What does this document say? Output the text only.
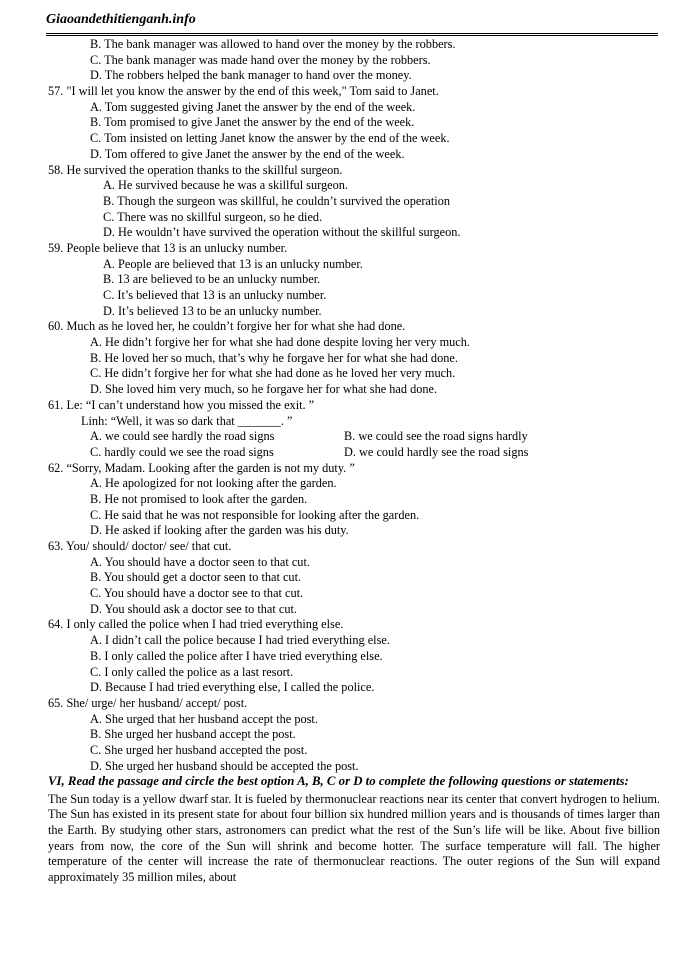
Giaoandethitienganh.info
B. The bank manager was allowed to hand over the money by the robbers.
C. The bank manager was made hand over the money by the robbers.
D. The robbers helped the bank manager to hand over the money.
57. "I will let you know the answer by the end of this week," Tom said to Janet.
A. Tom suggested giving Janet the answer by the end of the week.
B. Tom promised to give Janet the answer by the end of the week.
C. Tom insisted on letting Janet know the answer by the end of the week.
D. Tom offered to give Janet the answer by the end of the week.
58. He survived the operation thanks to the skillful surgeon.
A. He survived because he was a skillful surgeon.
B. Though the surgeon was skillful, he couldn’t survived the operation
C. There was no skillful surgeon, so he died.
D. He wouldn’t have survived the operation without the skillful surgeon.
59. People believe that 13 is an unlucky number.
A. People are believed that 13 is an unlucky number.
B. 13 are believed to be an unlucky number.
C. It’s believed that 13 is an unlucky number.
D. It’s believed 13 to be an unlucky number.
60. Much as he loved her, he couldn’t forgive her for what she had done.
A. He didn’t forgive her for what she had done despite loving her very much.
B. He loved her so much, that’s why he forgave her for what she had done.
C. He didn’t forgive her for what she had done as he loved her very much.
D. She loved him very much, so he forgave her for what she had done.
61. Le: “I can’t understand how you missed the exit. ”
Linh: “Well, it was so dark that _______. ”
A. we could see hardly the road signs	B. we could see the road signs hardly
C. hardly could we see the road signs	D. we could hardly see the road signs
62. “Sorry, Madam. Looking after the garden is not my duty. ”
A. He apologized for not looking after the garden.
B. He not promised to look after the garden.
C. He said that he was not responsible for looking after the garden.
D. He asked if looking after the garden was his duty.
63. You/ should/ doctor/ see/ that cut.
A. You should have a doctor seen to that cut.
B. You should get a doctor seen to that cut.
C. You should have a doctor see to that cut.
D. You should ask a doctor see to that cut.
64. I only called the police when I had tried everything else.
A. I didn’t call the police because I had tried everything else.
B. I only called the police after I have tried everything else.
C. I only called the police as a last resort.
D. Because I had tried everything else, I called the police.
65. She/ urge/ her husband/ accept/ post.
A. She urged that her husband accept the post.
B. She urged her husband accept the post.
C. She urged her husband accepted the post.
D. She urged her husband should be accepted the post.
VI, Read the passage and circle the best option A, B, C or D to complete the following questions or statements:
The Sun today is a yellow dwarf star. It is fueled by thermonuclear reactions near its center that convert hydrogen to helium. The Sun has existed in its present state for about four billion six hundred million years and is thousands of times larger than the Earth. By studying other stars, astronomers can predict what the rest of the Sun’s life will be like. About five billion years from now, the core of the Sun will shrink and become hotter. The surface temperature will fall. The higher temperature of the center will increase the rate of thermonuclear reactions. The outer regions of the Sun will expand approximately 35 million miles, about
